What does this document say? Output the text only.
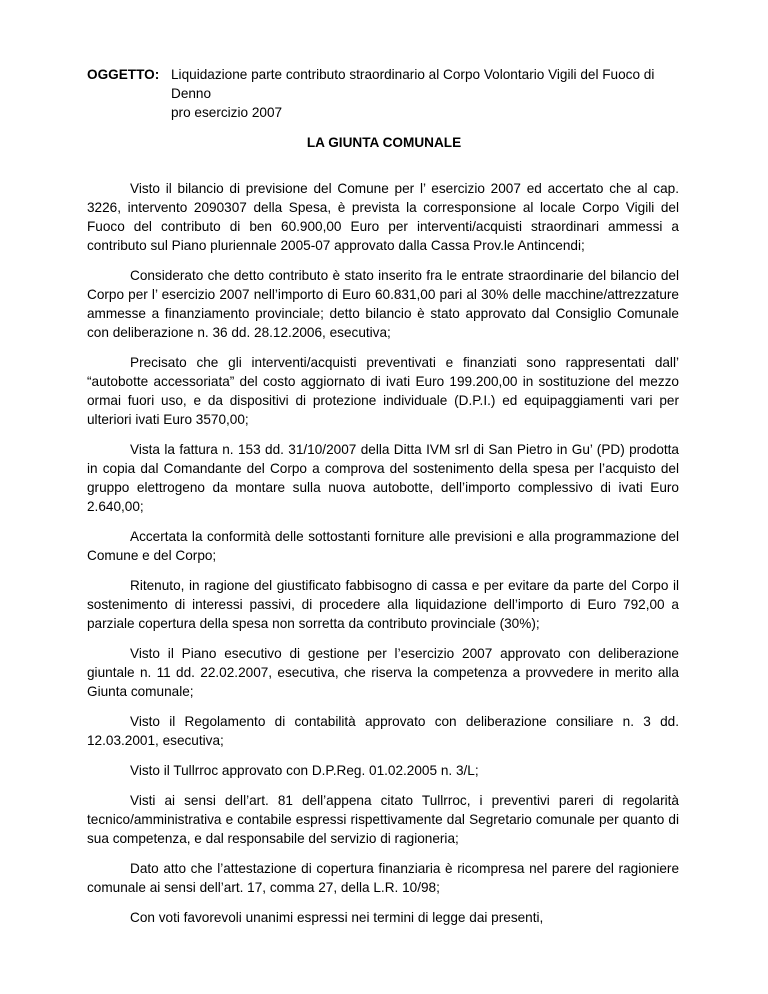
OGGETTO: Liquidazione parte contributo straordinario al Corpo Volontario Vigili del Fuoco di Denno
pro esercizio 2007
LA GIUNTA COMUNALE

Visto il bilancio di previsione del Comune per l’ esercizio 2007 ed accertato che al cap. 3226, intervento 2090307 della Spesa, è prevista la corresponsione al locale Corpo Vigili del Fuoco del contributo di ben 60.900,00 Euro per interventi/acquisti straordinari ammessi a contributo sul Piano pluriennale 2005-07 approvato dalla Cassa Prov.le Antincendi;

Considerato che detto contributo è stato inserito fra le entrate straordinarie del bilancio del Corpo per l’ esercizio 2007 nell’importo di Euro 60.831,00 pari al 30% delle macchine/attrezzature ammesse a finanziamento provinciale; detto bilancio è stato approvato dal Consiglio Comunale con deliberazione n. 36 dd. 28.12.2006, esecutiva;

Precisato che gli interventi/acquisti preventivati e finanziati sono rappresentati dall’ “autobotte accessoriata” del costo aggiornato di ivati Euro 199.200,00 in sostituzione del mezzo ormai fuori uso, e da dispositivi di protezione individuale (D.P.I.) ed equipaggiamenti vari per ulteriori ivati Euro 3570,00;

Vista la fattura n. 153 dd. 31/10/2007 della Ditta IVM srl di San Pietro in Gu’ (PD) prodotta in copia dal Comandante del Corpo a comprova del sostenimento della spesa per l’acquisto del gruppo elettrogeno da montare sulla nuova autobotte, dell’importo complessivo di ivati Euro 2.640,00;

Accertata la conformità delle sottostanti forniture alle previsioni e alla programmazione del Comune e del Corpo;

Ritenuto, in ragione del giustificato fabbisogno di cassa e per evitare da parte del Corpo il sostenimento di interessi passivi, di procedere alla liquidazione dell’importo di Euro 792,00 a parziale copertura della spesa non sorretta da contributo provinciale (30%);

Visto il Piano esecutivo di gestione per l’esercizio 2007 approvato con deliberazione giuntale n. 11 dd. 22.02.2007, esecutiva, che riserva la competenza a provvedere in merito alla Giunta comunale;

Visto il Regolamento di contabilità approvato con deliberazione consiliare n. 3 dd. 12.03.2001, esecutiva;

Visto il Tullrroc approvato con D.P.Reg. 01.02.2005 n. 3/L;

Visti ai sensi dell’art. 81 dell’appena citato Tullrroc, i preventivi pareri di regolarità tecnico/amministrativa e contabile espressi rispettivamente dal Segretario comunale per quanto di sua competenza, e dal responsabile del servizio di ragioneria;

Dato atto che l’attestazione di copertura finanziaria è ricompresa nel parere del ragioniere comunale ai sensi dell’art. 17, comma 27, della L.R. 10/98;

Con voti favorevoli unanimi espressi nei termini di legge dai presenti,
